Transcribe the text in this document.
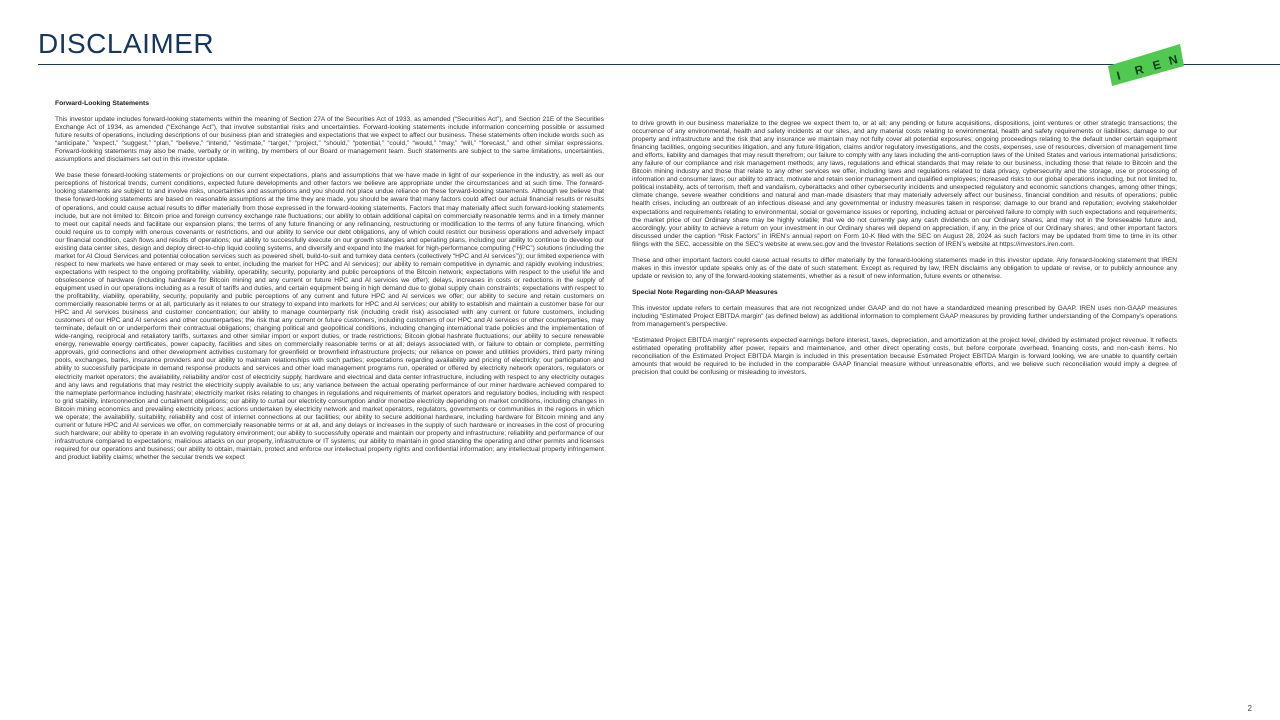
DISCLAIMER
I R E N
Forward-Looking Statements

This investor update includes forward-looking statements within the meaning of Section 27A of the Securities Act of 1933, as amended (“Securities Act”), and Section 21E of the Securities Exchange Act of 1934, as amended (“Exchange Act”), that involve substantial risks and uncertainties. Forward-looking statements include information concerning possible or assumed future results of operations, including descriptions of our business plan and strategies and expectations that we expect to affect our business. These statements often include words such as “anticipate,” “expect,” “suggest,” “plan,” “believe,” “intend,” “estimate,” “target,” “project,” “should,” “potential,” “could,” “would,” “may,” “will,” “forecast,” and other similar expressions. Forward-looking statements may also be made, verbally or in writing, by members of our Board or management team. Such statements are subject to the same limitations, uncertainties, assumptions and disclaimers set out in this investor update.

We base these forward-looking statements or projections on our current expectations, plans and assumptions that we have made in light of our experience in the industry, as well as our perceptions of historical trends, current conditions, expected future developments and other factors we believe are appropriate under the circumstances and at such time. The forward-looking statements are subject to and involve risks, uncertainties and assumptions and you should not place undue reliance on these forward-looking statements. Although we believe that these forward-looking statements are based on reasonable assumptions at the time they are made, you should be aware that many factors could affect our actual financial results or results of operations, and could cause actual results to differ materially from those expressed in the forward-looking statements. Factors that may materially affect such forward-looking statements include, but are not limited to: Bitcoin price and foreign currency exchange rate fluctuations; our ability to obtain additional capital on commercially reasonable terms and in a timely manner to meet our capital needs and facilitate our expansion plans; the terms of any future financing or any refinancing, restructuring or modification to the terms of any future financing, which could require us to comply with onerous covenants or restrictions, and our ability to service our debt obligations, any of which could restrict our business operations and adversely impact our financial condition, cash flows and results of operations; our ability to successfully execute on our growth strategies and operating plans, including our ability to continue to develop our existing data center sites, design and deploy direct-to-chip liquid cooling systems, and diversify and expand into the market for high-performance computing (“HPC”) solutions (including the market for AI Cloud Services and potential colocation services such as powered shell, build-to-suit and turnkey data centers (collectively “HPC and AI services”)); our limited experience with respect to new markets we have entered or may seek to enter, including the market for HPC and AI services); our ability to remain competitive in dynamic and rapidly evolving industries; expectations with respect to the ongoing profitability, viability, operability, security, popularity and public perceptions of the Bitcoin network; expectations with respect to the useful life and obsolescence of hardware (including hardware for Bitcoin mining and any current or future HPC and AI services we offer); delays, increases in costs or reductions in the supply of equipment used in our operations including as a result of tariffs and duties, and certain equipment being in high demand due to global supply chain constraints; expectations with respect to the profitability, viability, operability, security, popularity and public perceptions of any current and future HPC and AI services we offer; our ability to secure and retain customers on commercially reasonable terms or at all, particularly as it relates to our strategy to expand into markets for HPC and AI services; our ability to establish and maintain a customer base for our HPC and AI services business and customer concentration; our ability to manage counterparty risk (including credit risk) associated with any current or future customers, including customers of our HPC and AI services and other counterparties; the risk that any current or future customers, including customers of our HPC and AI services or other counterparties, may terminate, default on or underperform their contractual obligations; changing political and geopolitical conditions, including changing international trade policies and the implementation of wide-ranging, reciprocal and retaliatory tariffs, surtaxes and other similar import or export duties, or trade restrictions; Bitcoin global hashrate fluctuations; our ability to secure renewable energy, renewable energy certificates, power capacity, facilities and sites on commercially reasonable terms or at all; delays associated with, or failure to obtain or complete, permitting approvals, grid connections and other development activities customary for greenfield or brownfield infrastructure projects; our reliance on power and utilities providers, third party mining pools, exchanges, banks, insurance providers and our ability to maintain relationships with such parties; expectations regarding availability and pricing of electricity; our participation and ability to successfully participate in demand response products and services and other load management programs run, operated or offered by electricity network operators, regulators or electricity market operators; the availability, reliability and/or cost of electricity supply, hardware and electrical and data center infrastructure, including with respect to any electricity outages and any laws and regulations that may restrict the electricity supply available to us; any variance between the actual operating performance of our miner hardware achieved compared to the nameplate performance including hashrate; electricity market risks relating to changes in regulations and requirements of market operators and regulatory bodies, including with respect to grid stability, interconnection and curtailment obligations; our ability to curtail our electricity consumption and/or monetize electricity depending on market conditions, including changes in Bitcoin mining economics and prevailing electricity prices; actions undertaken by electricity network and market operators, regulators, governments or communities in the regions in which we operate; the availability, suitability, reliability and cost of internet connections at our facilities; our ability to secure additional hardware, including hardware for Bitcoin mining and any current or future HPC and AI services we offer, on commercially reasonable terms or at all, and any delays or increases in the supply of such hardware or increases in the cost of procuring such hardware; our ability to operate in an evolving regulatory environment; our ability to successfully operate and maintain our property and infrastructure; reliability and performance of our infrastructure compared to expectations; malicious attacks on our property, infrastructure or IT systems; our ability to maintain in good standing the operating and other permits and licenses required for our operations and business; our ability to obtain, maintain, protect and enforce our intellectual property rights and confidential information; any intellectual property infringement and product liability claims; whether the secular trends we expect

to drive growth in our business materialize to the degree we expect them to, or at all; any pending or future acquisitions, dispositions, joint ventures or other strategic transactions; the occurrence of any environmental, health and safety incidents at our sites, and any material costs relating to environmental, health and safety requirements or liabilities; damage to our property and infrastructure and the risk that any insurance we maintain may not fully cover all potential exposures; ongoing proceedings relating to the default under certain equipment financing facilities, ongoing securities litigation, and any future litigation, claims and/or regulatory investigations, and the costs, expenses, use of resources, diversion of management time and efforts, liability and damages that may result therefrom; our failure to comply with any laws including the anti-corruption laws of the United States and various international jurisdictions; any failure of our compliance and risk management methods; any laws, regulations and ethical standards that may relate to our business, including those that relate to Bitcoin and the Bitcoin mining industry and those that relate to any other services we offer, including laws and regulations related to data privacy, cybersecurity and the storage, use or processing of information and consumer laws; our ability to attract, motivate and retain senior management and qualified employees; increased risks to our global operations including, but not limited to, political instability, acts of terrorism, theft and vandalism, cyberattacks and other cybersecurity incidents and unexpected regulatory and economic sanctions changes, among other things; climate change, severe weather conditions and natural and man-made disasters that may materially adversely affect our business, financial condition and results of operations; public health crises, including an outbreak of an infectious disease and any governmental or industry measures taken in response; damage to our brand and reputation; evolving stakeholder expectations and requirements relating to environmental, social or governance issues or reporting, including actual or perceived failure to comply with such expectations and requirements; the market price of our Ordinary share may be highly volatile; that we do not currently pay any cash dividends on our Ordinary shares, and may not in the foreseeable future and, accordingly, your ability to achieve a return on your investment in our Ordinary shares will depend on appreciation, if any, in the price of our Ordinary shares; and other important factors discussed under the caption “Risk Factors” in IREN’s annual report on Form 10-K filed with the SEC on August 28, 2024 as such factors may be updated from time to time in its other filings with the SEC, accessible on the SEC’s website at www.sec.gov and the Investor Relations section of IREN’s website at https://investors.iren.com.

These and other important factors could cause actual results to differ materially by the forward-looking statements made in this investor update. Any forward-looking statement that IREN makes in this investor update speaks only as of the date of such statement. Except as required by law, IREN disclaims any obligation to update or revise, or to publicly announce any update or revision to, any of the forward-looking statements, whether as a result of new information, future events or otherwise.

Special Note Regarding non-GAAP Measures

This investor update refers to certain measures that are not recognized under GAAP and do not have a standardized meaning prescribed by GAAP. IREN uses non-GAAP measures including “Estimated Project EBITDA margin” (as defined below) as additional information to complement GAAP measures by providing further understanding of the Company’s operations from management’s perspective.

“Estimated Project EBITDA margin” represents expected earnings before interest, taxes, depreciation, and amortization at the project level, divided by estimated project revenue. It reflects estimated operating profitability after power, repairs and maintenance, and other direct operating costs, but before corporate overhead, financing costs, and non-cash items. No reconciliation of the Estimated Project EBITDA Margin is included in this presentation because Estimated Project EBITDA Margin is forward looking, we are unable to quantify certain amounts that would be required to be included in the comparable GAAP financial measure without unreasonable efforts, and we believe such reconciliation would imply a degree of precision that could be confusing or misleading to investors.

2
